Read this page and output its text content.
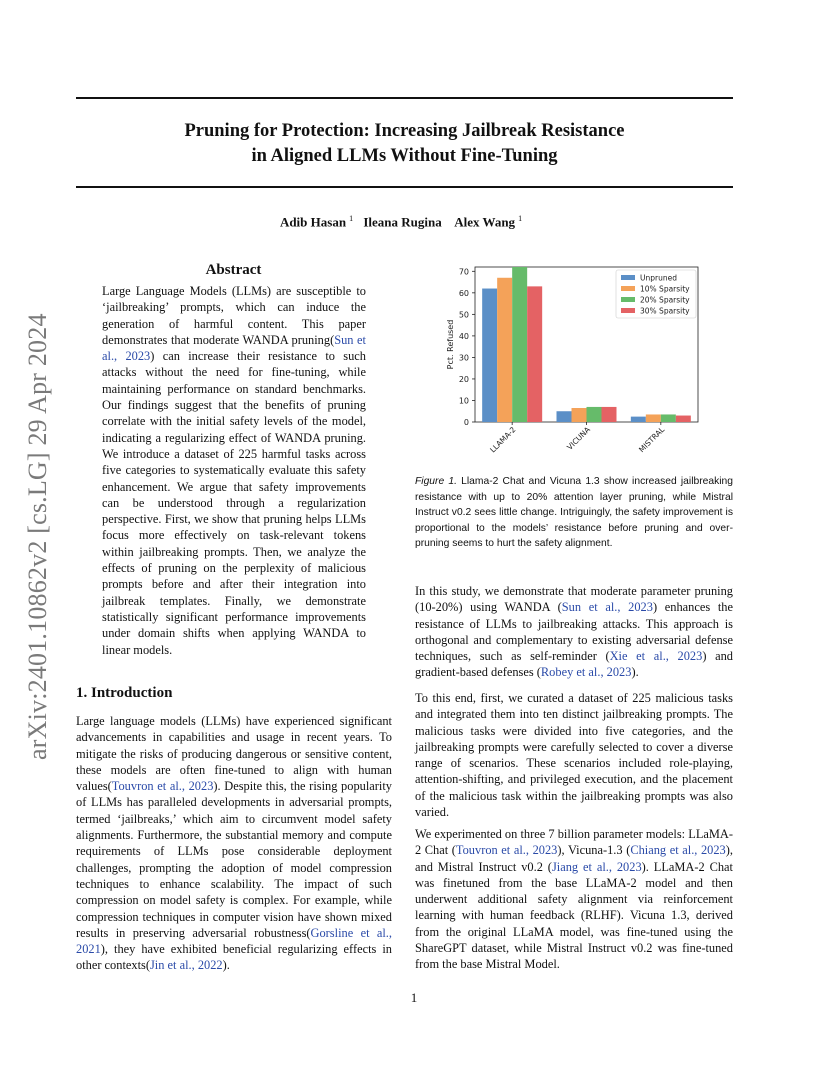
Pruning for Protection: Increasing Jailbreak Resistance
in Aligned LLMs Without Fine-Tuning
Adib Hasan $^1$ Ileana Rugina Alex Wang $^1$
arXiv:2401.10862v2 [cs.LG] 29 Apr 2024
Abstract
Large Language Models (LLMs) are susceptible to ‘jailbreaking’ prompts, which can induce the generation of harmful content. This paper demonstrates that moderate WANDA pruning(Sun et al., 2023) can increase their resistance to such attacks without the need for fine-tuning, while maintaining performance on standard benchmarks. Our findings suggest that the benefits of pruning correlate with the initial safety levels of the model, indicating a regularizing effect of WANDA pruning. We introduce a dataset of 225 harmful tasks across five categories to systematically evaluate this safety enhancement. We argue that safety improvements can be understood through a regularization perspective. First, we show that pruning helps LLMs focus more effectively on task-relevant tokens within jailbreaking prompts. Then, we analyze the effects of pruning on the perplexity of malicious prompts before and after their integration into jailbreak templates. Finally, we demonstrate statistically significant performance improvements under domain shifts when applying WANDA to linear models.
1. Introduction
Large language models (LLMs) have experienced significant advancements in capabilities and usage in recent years. To mitigate the risks of producing dangerous or sensitive content, these models are often fine-tuned to align with human values(Touvron et al., 2023). Despite this, the rising popularity of LLMs has paralleled developments in adversarial prompts, termed ‘jailbreaks,’ which aim to circumvent model safety alignments. Furthermore, the substantial memory and compute requirements of LLMs pose considerable deployment challenges, prompting the adoption of model compression techniques to enhance scalability. The impact of such compression on model safety is complex. For example, while compression techniques in computer vision have shown mixed results in preserving adversarial robustness(Gorsline et al., 2021), they have exhibited beneficial regularizing effects in other contexts(Jin et al., 2022).
0
10
20
30
40
50
60
70
Pct. Refused
LLAMA-2	VICUNA	MISTRAL
Unpruned
10% Sparsity
20% Sparsity
30% Sparsity
Figure 1. Llama-2 Chat and Vicuna 1.3 show increased jailbreaking resistance with up to 20% attention layer pruning, while Mistral Instruct v0.2 sees little change. Intriguingly, the safety improvement is proportional to the models’ resistance before pruning and over-pruning seems to hurt the safety alignment.
In this study, we demonstrate that moderate parameter pruning (10-20%) using WANDA (Sun et al., 2023) enhances the resistance of LLMs to jailbreaking attacks. This approach is orthogonal and complementary to existing adversarial defense techniques, such as self-reminder (Xie et al., 2023) and gradient-based defenses (Robey et al., 2023).
To this end, first, we curated a dataset of 225 malicious tasks and integrated them into ten distinct jailbreaking prompts. The malicious tasks were divided into five categories, and the jailbreaking prompts were carefully selected to cover a diverse range of scenarios. These scenarios included role-playing, attention-shifting, and privileged execution, and the placement of the malicious task within the jailbreaking prompts was also varied.
We experimented on three 7 billion parameter models: LLaMA-2 Chat (Touvron et al., 2023), Vicuna-1.3 (Chiang et al., 2023), and Mistral Instruct v0.2 (Jiang et al., 2023). LLaMA-2 Chat was finetuned from the base LLaMA-2 model and then underwent additional safety alignment via reinforcement learning with human feedback (RLHF). Vicuna 1.3, derived from the original LLaMA model, was fine-tuned using the ShareGPT dataset, while Mistral Instruct v0.2 was fine-tuned from the base Mistral Model.
1
